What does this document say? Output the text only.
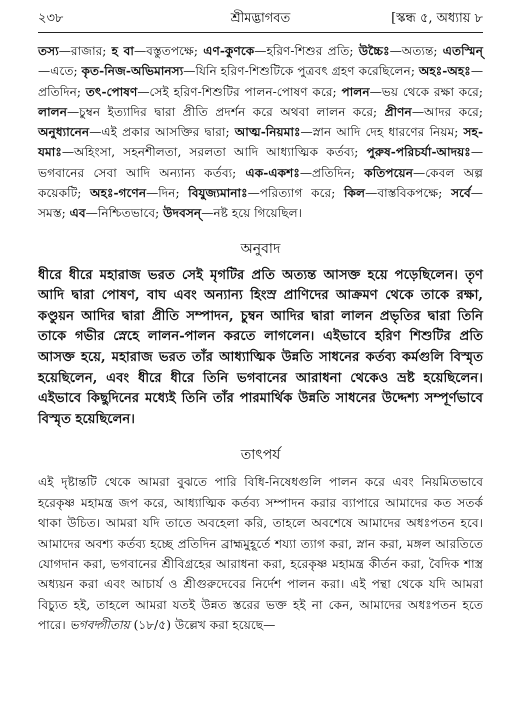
২৩৮	শ্রীমদ্ভাগবত	[স্কন্ধ ৫, অধ্যায় ৮

তস্য—রাজার; হ বা—বস্তুতপক্ষে; এণ-কুণকে—হরিণ-শিশুর প্রতি; উচ্চৈঃ—অত্যন্ত; এতস্মিন্—এতে; কৃত-নিজ-অভিমানস্য—যিনি হরিণ-শিশুটিকে পুত্রবৎ গ্রহণ করেছিলেন; অহঃ-অহঃ—প্রতিদিন; তৎ-পোষণ—সেই হরিণ-শিশুটির পালন-পোষণ করে; পালন—ভয় থেকে রক্ষা করে; লালন—চুম্বন ইত্যাদির দ্বারা প্রীতি প্রদর্শন করে অথবা লালন করে; প্রীণন—আদর করে; অনুধ্যানেন—এই প্রকার আসক্তির দ্বারা; আত্ম-নিয়মাঃ—স্নান আদি দেহ ধারণের নিয়ম; সহ-যমাঃ—অহিংসা, সহনশীলতা, সরলতা আদি আধ্যাত্মিক কর্তব্য; পুরুষ-পরিচর্যা-আদয়ঃ—ভগবানের সেবা আদি অন্যান্য কর্তব্য; এক-একশঃ—প্রতিদিন; কতিপয়েন—কেবল অল্প কয়েকটি; অহঃ-গণেন—দিন; বিযুজ্যমানাঃ—পরিত্যাগ করে; কিল—বাস্তবিকপক্ষে; সর্বে—সমস্ত; এব—নিশ্চিতভাবে; উদবসন্—নষ্ট হয়ে গিয়েছিল।

অনুবাদ

ধীরে ধীরে মহারাজ ভরত সেই মৃগটির প্রতি অত্যন্ত আসক্ত হয়ে পড়েছিলেন। তৃণ আদি দ্বারা পোষণ, বাঘ এবং অন্যান্য হিংস্র প্রাণিদের আক্রমণ থেকে তাকে রক্ষা, কণ্ডুয়ন আদির দ্বারা প্রীতি সম্পাদন, চুম্বন আদির দ্বারা লালন প্রভৃতির দ্বারা তিনি তাকে গভীর স্নেহে লালন-পালন করতে লাগলেন। এইভাবে হরিণ শিশুটির প্রতি আসক্ত হয়ে, মহারাজ ভরত তাঁর আধ্যাত্মিক উন্নতি সাধনের কর্তব্য কর্মগুলি বিস্মৃত হয়েছিলেন, এবং ধীরে ধীরে তিনি ভগবানের আরাধনা থেকেও ভ্রষ্ট হয়েছিলেন। এইভাবে কিছুদিনের মধ্যেই তিনি তাঁর পারমার্থিক উন্নতি সাধনের উদ্দেশ্য সম্পূর্ণভাবে বিস্মৃত হয়েছিলেন।

তাৎপর্য

এই দৃষ্টান্তটি থেকে আমরা বুঝতে পারি বিধি-নিষেধগুলি পালন করে এবং নিয়মিতভাবে হরেকৃষ্ণ মহামন্ত্র জপ করে, আধ্যাত্মিক কর্তব্য সম্পাদন করার ব্যাপারে আমাদের কত সতর্ক থাকা উচিত। আমরা যদি তাতে অবহেলা করি, তাহলে অবশেষে আমাদের অধঃপতন হবে। আমাদের অবশ্য কর্তব্য হচ্ছে প্রতিদিন ব্রাহ্মমুহূর্তে শয্যা ত্যাগ করা, স্নান করা, মঙ্গল আরতিতে যোগদান করা, ভগবানের শ্রীবিগ্রহের আরাধনা করা, হরেকৃষ্ণ মহামন্ত্র কীর্তন করা, বৈদিক শাস্ত্র অধ্যয়ন করা এবং আচার্য ও শ্রীগুরুদেবের নির্দেশ পালন করা। এই পন্থা থেকে যদি আমরা বিচ্যুত হই, তাহলে আমরা যতই উন্নত স্তরের ভক্ত হই না কেন, আমাদের অধঃপতন হতে পারে। ভগবদ্গীতায় (১৮/৫) উল্লেখ করা হয়েছে—
